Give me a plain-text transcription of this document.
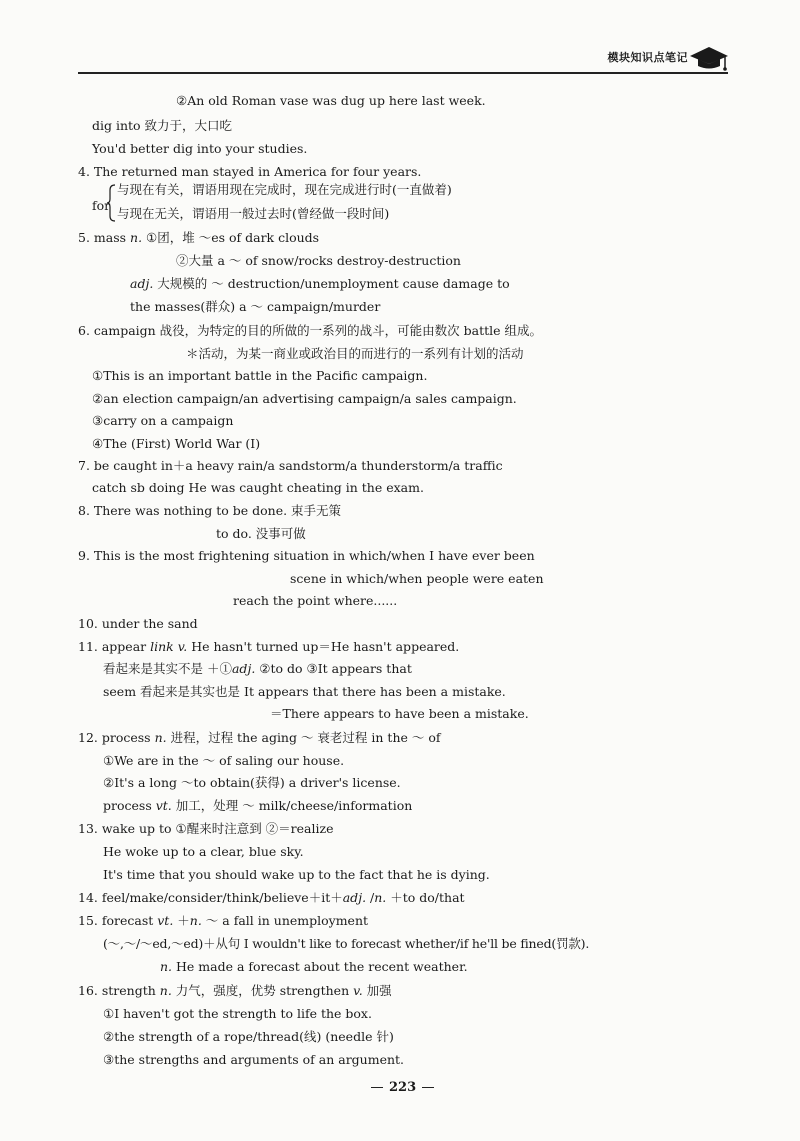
模块知识点笔记
②An old Roman vase was dug up here last week.
dig into 致力于，大口吃
You'd better dig into your studies.
4. The returned man stayed in America for four years.
for
与现在有关，谓语用现在完成时，现在完成进行时(一直做着)
与现在无关，谓语用一般过去时(曾经做一段时间)
5. mass n. ①团，堆 ～es of dark clouds
②大量 a ～ of snow/rocks destroy-destruction
adj. 大规模的 ～ destruction/unemployment cause damage to
the masses(群众) a ～ campaign/murder
6. campaign 战役，为特定的目的所做的一系列的战斗，可能由数次 battle 组成。
＊活动，为某一商业或政治目的而进行的一系列有计划的活动
①This is an important battle in the Pacific campaign.
②an election campaign/an advertising campaign/a sales campaign.
③carry on a campaign
④The (First) World War (Ⅰ)
7. be caught in＋a heavy rain/a sandstorm/a thunderstorm/a traffic
catch sb doing He was caught cheating in the exam.
8. There was nothing to be done. 束手无策
to do. 没事可做
9. This is the most frightening situation in which/when I have ever been
scene in which/when people were eaten
reach the point where......
10. under the sand
11. appear link v. He hasn't turned up＝He hasn't appeared.
看起来是其实不是 ＋①adj. ②to do ③It appears that
seem 看起来是其实也是 It appears that there has been a mistake.
＝There appears to have been a mistake.
12. process n. 进程，过程 the aging ～ 衰老过程 in the ～ of
①We are in the ～ of saling our house.
②It's a long ～to obtain(获得) a driver's license.
process vt. 加工，处理 ～ milk/cheese/information
13. wake up to ①醒来时注意到 ②＝realize
He woke up to a clear, blue sky.
It's time that you should wake up to the fact that he is dying.
14. feel/make/consider/think/believe＋it＋adj. /n. ＋to do/that
15. forecast vt. ＋n. ～ a fall in unemployment
(～,～/～ed,～ed)＋从句 I wouldn't like to forecast whether/if he'll be fined(罚款).
n. He made a forecast about the recent weather.
16. strength n. 力气，强度，优势 strengthen v. 加强
①I haven't got the strength to life the box.
②the strength of a rope/thread(线) (needle 针)
③the strengths and arguments of an argument.
223
